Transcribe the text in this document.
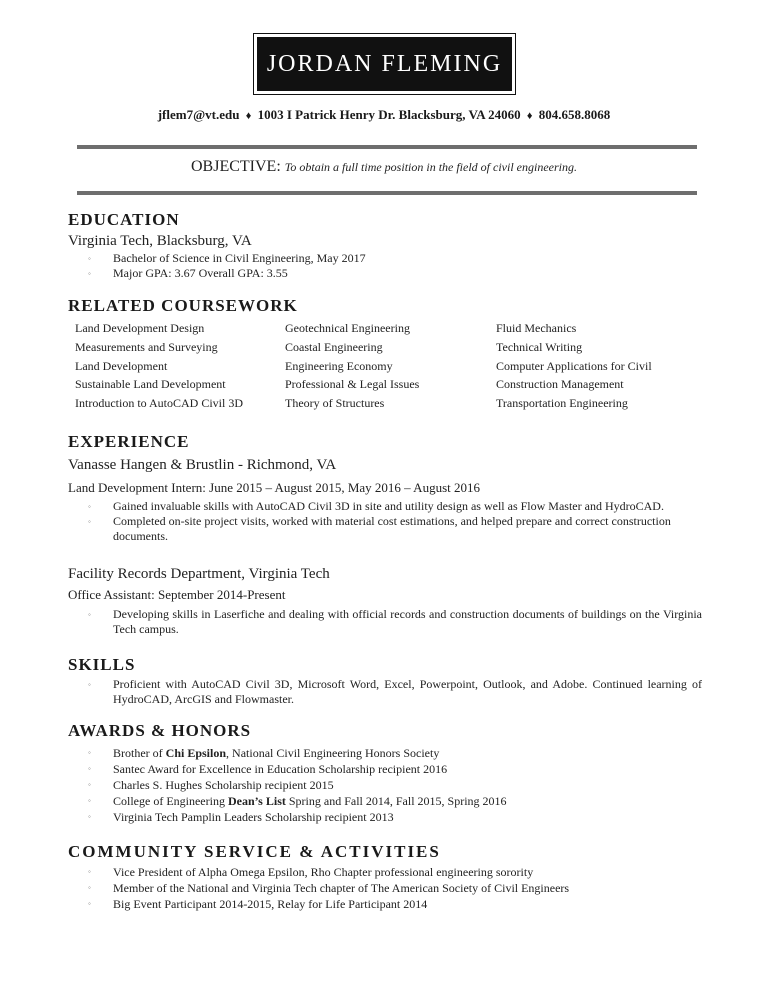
JORDAN FLEMING
jflem7@vt.edu ♦ 1003 I Patrick Henry Dr. Blacksburg, VA 24060 ♦ 804.658.8068
OBJECTIVE: To obtain a full time position in the field of civil engineering.
EDUCATION
Virginia Tech, Blacksburg, VA
◦ Bachelor of Science in Civil Engineering, May 2017
◦ Major GPA: 3.67 Overall GPA: 3.55
RELATED COURSEWORK
Land Development Design
Measurements and Surveying
Land Development
Sustainable Land Development
Introduction to AutoCAD Civil 3D
Geotechnical Engineering
Coastal Engineering
Engineering Economy
Professional & Legal Issues
Theory of Structures
Fluid Mechanics
Technical Writing
Computer Applications for Civil
Construction Management
Transportation Engineering
EXPERIENCE
Vanasse Hangen & Brustlin - Richmond, VA
Land Development Intern: June 2015 – August 2015, May 2016 – August 2016
◦ Gained invaluable skills with AutoCAD Civil 3D in site and utility design as well as Flow Master and HydroCAD.
◦ Completed on-site project visits, worked with material cost estimations, and helped prepare and correct construction documents.
Facility Records Department, Virginia Tech
Office Assistant: September 2014-Present
◦ Developing skills in Laserfiche and dealing with official records and construction documents of buildings on the Virginia Tech campus.
SKILLS
◦ Proficient with AutoCAD Civil 3D, Microsoft Word, Excel, Powerpoint, Outlook, and Adobe. Continued learning of HydroCAD, ArcGIS and Flowmaster.
AWARDS & HONORS
◦ Brother of Chi Epsilon, National Civil Engineering Honors Society
◦ Santec Award for Excellence in Education Scholarship recipient 2016
◦ Charles S. Hughes Scholarship recipient 2015
◦ College of Engineering Dean’s List Spring and Fall 2014, Fall 2015, Spring 2016
◦ Virginia Tech Pamplin Leaders Scholarship recipient 2013
COMMUNITY SERVICE & ACTIVITIES
◦ Vice President of Alpha Omega Epsilon, Rho Chapter professional engineering sorority
◦ Member of the National and Virginia Tech chapter of The American Society of Civil Engineers
◦ Big Event Participant 2014-2015, Relay for Life Participant 2014
